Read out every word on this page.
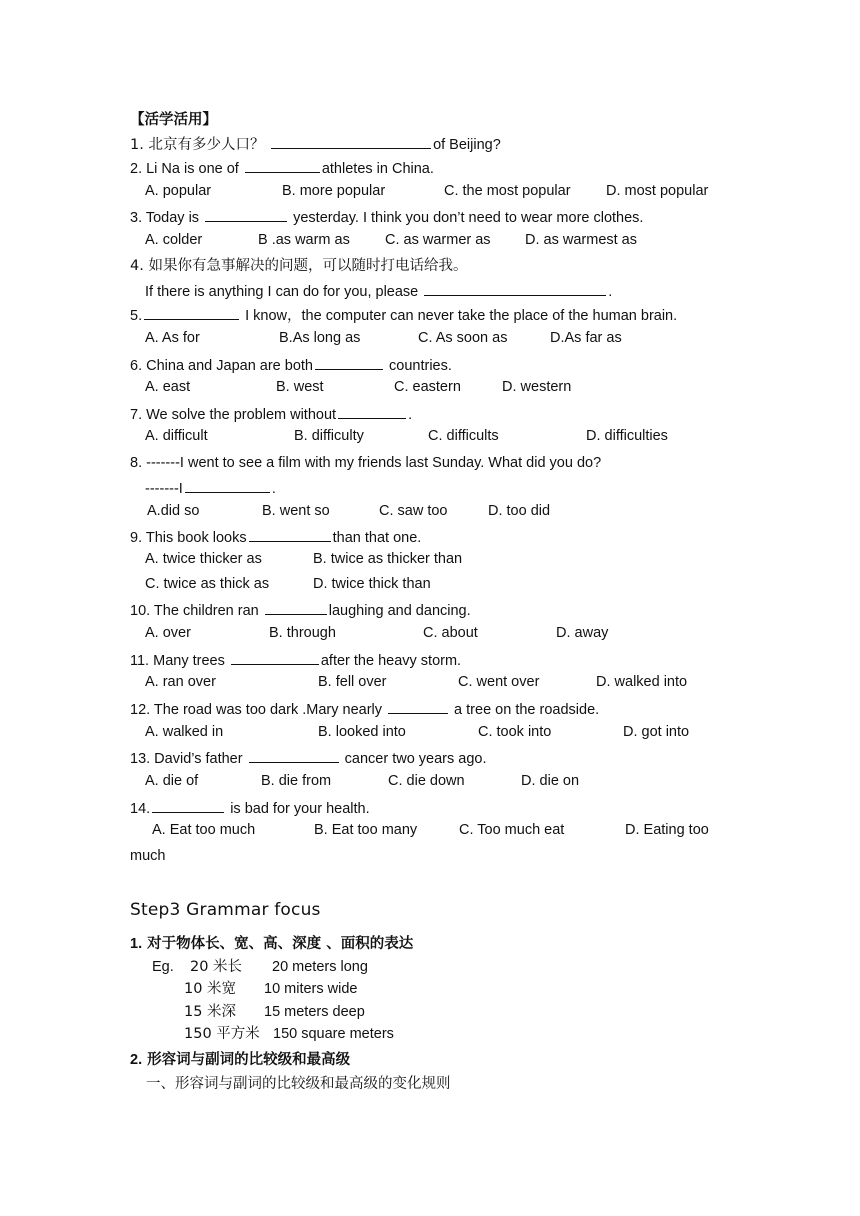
【活学活用】
1. 北京有多少人口？	of Beijing?
2. Li Na is one of	athletes in China.
A. popular	B. more popular	C. the most popular D. most popular
3. Today is	yesterday. I think you don’t need to wear more clothes.
A. colder	B .as warm as C. as warmer as D. as warmest as
4. 如果你有急事解决的问题，可以随时打电话给我。
If there is anything I can do for you, please	.
5.	I know，the computer can never take the place of the human brain.
A. As for	B.As long as	C. As soon as	D.As far as
6. China and Japan are both	countries.
A. east	B. west	C. eastern	D. western
7. We solve the problem without	.
A. difficult	B. difficulty	C. difficults	D. difficulties
8. -------I went to see a film with my friends last Sunday. What did you do?
-------I	.
A.did so	B. went so	C. saw too	D. too did
9. This book looks	than that one.
A. twice thicker as	B. twice as thicker than
C. twice as thick as	D. twice thick than
10. The children ran	laughing and dancing.
A. over	B. through	C. about	D. away
11. Many trees	after the heavy storm.
A. ran over	B. fell over	C. went over	D. walked into
12. The road was too dark .Mary nearly	a tree on the roadside.
A. walked in	B. looked into	C. took into	D. got into
13. David’s father	cancer two years ago.
A. die of	B. die from	C. die down	D. die on
14.	is bad for your health.
A. Eat too much	B. Eat too many	C. Too much eat	D. Eating too
much
Step3 Grammar focus
1. 对于物体长、宽、高、深度 、面积的表达
Eg. 20 米长 20 meters long
10 米宽 10 miters wide
15 米深 15 meters deep
150 平方米 150 square meters
2. 形容词与副词的比较级和最高级
一、形容词与副词的比较级和最高级的变化规则
